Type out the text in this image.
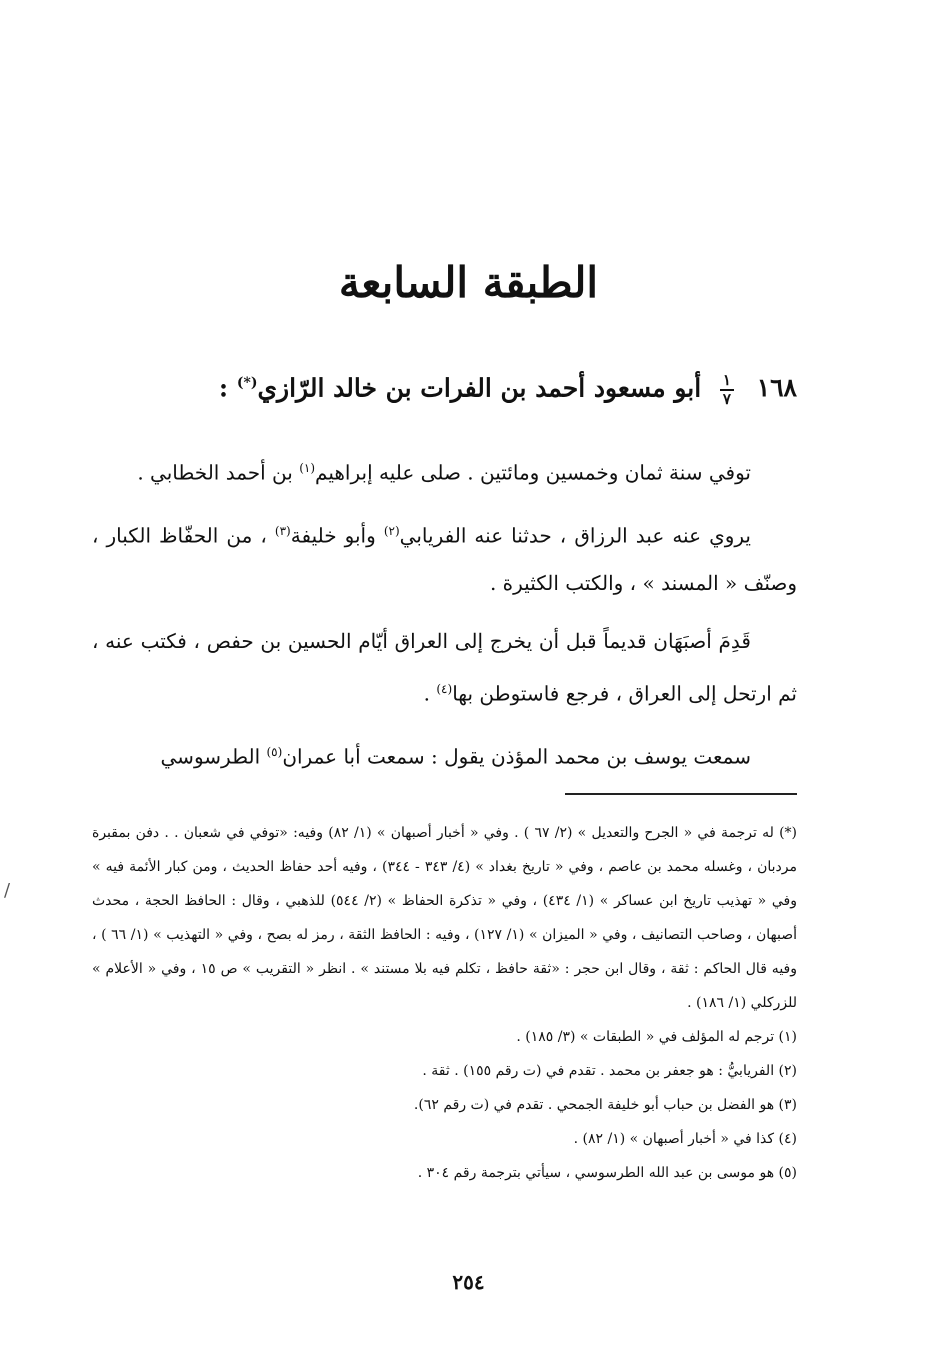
الطبقة السابعة
١٦٨
$\frac{١}{٧}$
أبو مسعود أحمد بن الفرات بن خالد الرّازي(*) :

توفي سنة ثمان وخمسين ومائتين . صلى عليه إبراهيم$^{(١)}$ بن أحمد الخطابي .

يروي عنه عبد الرزاق ، حدثنا عنه الفريابي$^{(٢)}$ وأبو خليفة$^{(٣)}$ ، من الحفّاظ الكبار ، وصنّف « المسند » ، والكتب الكثيرة .

قَدِمَ أصبَهَان قديماً قبل أن يخرج إلى العراق أيّام الحسين بن حفص ، فكتب عنه ، ثم ارتحل إلى العراق ، فرجع فاستوطن بها$^{(٤)}$ .

سمعت يوسف بن محمد المؤذن يقول : سمعت أبا عمران$^{(٥)}$ الطرسوسي

(*) له ترجمة في « الجرح والتعديل » (٢/ ٦٧ ) . وفي « أخبار أصبهان » (١/ ٨٢) وفيه: «توفي في شعبان . . دفن بمقبرة مردبان ، وغسله محمد بن عاصم ، وفي « تاريخ بغداد » (٤/ ٣٤٣ - ٣٤٤) ، وفيه أحد حفاظ الحديث ، ومن كبار الأئمة فيه » وفي « تهذيب تاريخ ابن عساكر » (١/ ٤٣٤) ، وفي « تذكرة الحفاظ » (٢/ ٥٤٤) للذهبي ، وقال : الحافظ الحجة ، محدث أصبهان ، وصاحب التصانيف ، وفي « الميزان » (١/ ١٢٧) ، وفيه : الحافظ الثقة ، رمز له بصح ، وفي « التهذيب » (١/ ٦٦ ) ، وفيه قال الحاكم : ثقة ، وقال ابن حجر : «ثقة حافظ ، تكلم فيه بلا مستند » . انظر « التقريب » ص ١٥ ، وفي « الأعلام » للزركلي (١/ ١٨٦) .

(١) ترجم له المؤلف في « الطبقات » (٣/ ١٨٥) .

(٢) الفريابيُّ : هو جعفر بن محمد . تقدم في (ت رقم ١٥٥) . ثقة .

(٣) هو الفضل بن حباب أبو خليفة الجمحي . تقدم في (ت رقم ٦٢).

(٤) كذا في « أخبار أصبهان » (١/ ٨٢) .

(٥) هو موسى بن عبد الله الطرسوسي ، سيأتي بترجمة رقم ٣٠٤ .

٢٥٤
/
